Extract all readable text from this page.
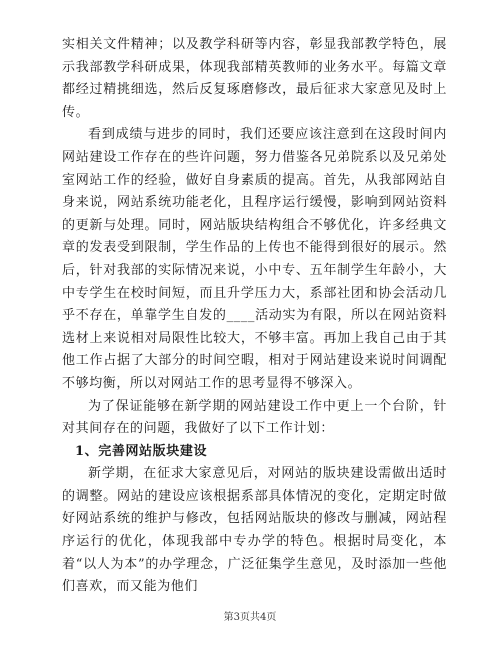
实相关文件精神；以及教学科研等内容，彰显我部教学特色，展示我部教学科研成果，体现我部精英教师的业务水平。每篇文章都经过精挑细选，然后反复琢磨修改，最后征求大家意见及时上传。

看到成绩与进步的同时，我们还要应该注意到在这段时间内网站建设工作存在的些许问题，努力借鉴各兄弟院系以及兄弟处室网站工作的经验，做好自身素质的提高。首先，从我部网站自身来说，网站系统功能老化，且程序运行缓慢，影响到网站资料的更新与处理。同时，网站版块结构组合不够优化，许多经典文章的发表受到限制，学生作品的上传也不能得到很好的展示。然后，针对我部的实际情况来说，小中专、五年制学生年龄小，大中专学生在校时间短，而且升学压力大，系部社团和协会活动几乎不存在，单靠学生自发的____活动实为有限，所以在网站资料选材上来说相对局限性比较大，不够丰富。再加上我自己由于其他工作占据了大部分的时间空暇，相对于网站建设来说时间调配不够均衡，所以对网站工作的思考显得不够深入。

为了保证能够在新学期的网站建设工作中更上一个台阶，针对其间存在的问题，我做好了以下工作计划：

1、完善网站版块建设

新学期，在征求大家意见后，对网站的版块建设需做出适时的调整。网站的建设应该根据系部具体情况的变化，定期定时做好网站系统的维护与修改，包括网站版块的修改与删减，网站程序运行的优化，体现我部中专办学的特色。根据时局变化，本着“以人为本”的办学理念，广泛征集学生意见，及时添加一些他们喜欢，而又能为他们

第3页共4页
